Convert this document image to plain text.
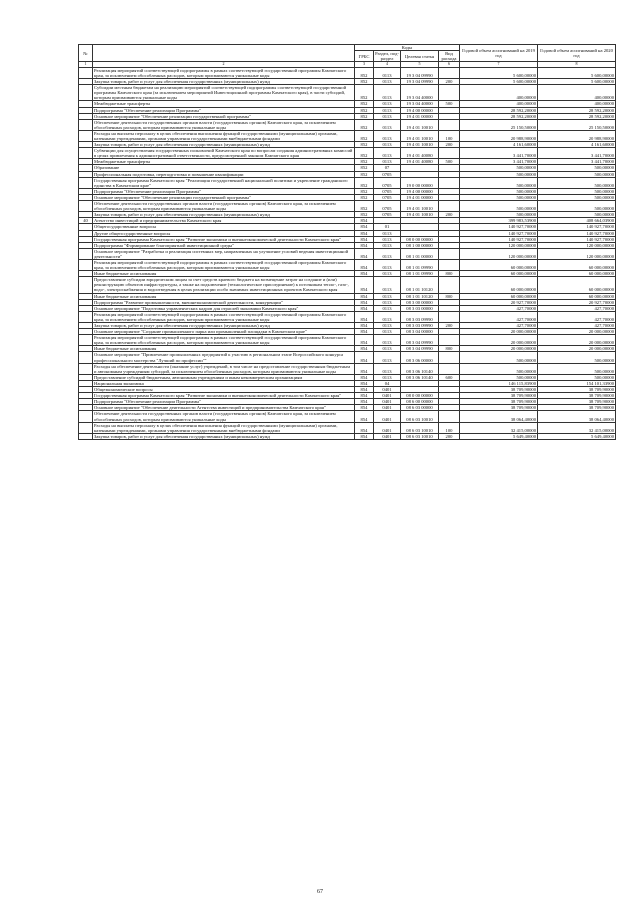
№		Коды				Годовой объем ассигнований на 2019 год	Годовой объем ассигнований на 2020 год
		ГРБС	Раздел, под-раздел	Целевая статья	Вид расхода		
1	2	3	4	5	6	7	8
	Реализация мероприятий соответствующей подпрограммы в рамках соответствующей государственной программы Камчатского края, за исключением обособленных расходов, которым присваиваются уникальные коды	852	0113	19 3 04 09990		5 600,00000	5 600,00000
	Закупка товаров, работ и услуг для обеспечения государственных (муниципальных) нужд	852	0113	19 3 04 09990	200	5 600,00000	5 600,00000
	Субсидии местным бюджетам на реализацию мероприятий соответствующей подпрограммы соответствующей государственной программы Камчатского края (за исключением мероприятий Инвестиционной программы Камчатского края), в части субсидий, которым присваиваются уникальные коды	852	0113	19 3 04 40000		400,00000	400,00000
	Межбюджетные трансферты	852	0113	19 3 04 40000	500	400,00000	400,00000
	Подпрограмма "Обеспечение реализации Программы"	852	0113	19 4 00 00000		28 592,20000	28 592,20000
	Основное мероприятие "Обеспечение реализации государственной программы"	852	0113	19 4 01 00000		28 592,20000	28 592,20000
	Обеспечение деятельности государственных органов власти (государственных органов) Камчатского края, за исключением обособленных расходов, которым присваиваются уникальные коды	852	0113	19 4 01 10010		25 150,50000	25 150,50000
	Расходы на выплаты персоналу в целях обеспечения выполнения функций государственными (муниципальными) органами, казенными учреждениями, органами управления государственными внебюджетными фондами	852	0113	19 4 01 10010	100	20 988,90000	20 988,90000
	Закупка товаров, работ и услуг для обеспечения государственных (муниципальных) нужд	852	0113	19 4 01 10010	200	4 161,60000	4 161,60000
	Субвенции для осуществления государственных полномочий Камчатского края по вопросам создания административных комиссий в целях привлечения к административной ответственности, предусмотренной законом Камчатского края	852	0113	19 4 01 40080		3 441,70000	3 441,70000
	Межбюджетные трансферты	852	0113	19 4 01 40080	500	3 441,70000	3 441,70000
	Образование	852	07			500,00000	500,00000
	Профессиональная подготовка, переподготовка и повышение квалификации	852	0705			500,00000	500,00000
	Государственная программа Камчатского края "Реализация государственной национальной политики и укрепление гражданского единства в Камчатском крае"	852	0705	19 0 00 00000		500,00000	500,00000
	Подпрограмма "Обеспечение реализации Программы"	852	0705	19 4 00 00000		500,00000	500,00000
	Основное мероприятие "Обеспечение реализации государственной программы"	852	0705	19 4 01 00000		500,00000	500,00000
	Обеспечение деятельности государственных органов власти (государственных органов) Камчатского края, за исключением обособленных расходов, которым присваиваются уникальные коды	852	0705	19 4 01 10010		500,00000	500,00000
	Закупка товаров, работ и услуг для обеспечения государственных (муниципальных) нужд	852	0705	19 4 01 10010	200	500,00000	500,00000
40	Агентство инвестиций и предпринимательства Камчатского края	854				399 983,53900	408 664,03900
	Общегосударственные вопросы	854	01			140 927,70000	140 927,70000
	Другие общегосударственные вопросы	854	0113			140 927,70000	140 927,70000
	Государственная программа Камчатского края "Развитие экономики и внешнеэкономической деятельности Камчатского края"	854	0113	08 0 00 00000		140 927,70000	140 927,70000
	Подпрограмма "Формирование благоприятной инвестиционной среды"	854	0113	08 1 00 00000		120 000,00000	120 000,00000
	Основное мероприятие "Разработка и реализация системных мер, направленных на улучшение условий ведения инвестиционной деятельности"	854	0113	08 1 01 00000		120 000,00000	120 000,00000
	Реализация мероприятий соответствующей подпрограммы в рамках соответствующей государственной программы Камчатского края, за исключением обособленных расходов, которым присваиваются уникальные коды	854	0113	08 1 01 09990		60 000,00000	60 000,00000
	Иные бюджетные ассигнования	854	0113	08 1 01 09990	800	60 000,00000	60 000,00000
	Предоставление субсидии юридическим лицам за счет средств краевого бюджета на возмещение затрат на создание и (или) реконструкцию объектов инфраструктуры, а также на подключение (технологическое присоединение) к источникам тепло-, газо-, водо-, электроснабжения и водоотведения в целях реализации особо значимых инвестиционных проектов Камчатского края	854	0113	08 1 01 10120		60 000,00000	60 000,00000
	Иные бюджетные ассигнования	854	0113	08 1 01 10120	800	60 000,00000	60 000,00000
	Подпрограмма "Развитие промышленности, внешнеэкономической деятельности, конкуренции"	854	0113	08 3 00 00000		20 927,70000	20 927,70000
	Основное мероприятие "Подготовка управленческих кадров для отраслей экономики Камчатского края"	854	0113	08 3 03 00000		427,70000	427,70000
	Реализация мероприятий соответствующей подпрограммы в рамках соответствующей государственной программы Камчатского края, за исключением обособленных расходов, которым присваиваются уникальные коды	854	0113	08 3 03 09990		427,70000	427,70000
	Закупка товаров, работ и услуг для обеспечения государственных (муниципальных) нужд	854	0113	08 3 03 09990	200	427,70000	427,70000
	Основное мероприятие "Создание промышленного парка или промышленной площадки в Камчатском крае"	854	0113	08 3 04 00000		20 000,00000	20 000,00000
	Реализация мероприятий соответствующей подпрограммы в рамках соответствующей государственной программы Камчатского края, за исключением обособленных расходов, которым присваиваются уникальные коды	854	0113	08 3 04 09990		20 000,00000	20 000,00000
	Иные бюджетные ассигнования	854	0113	08 3 04 09990	800	20 000,00000	20 000,00000
	Основное мероприятие "Привлечение промышленных предприятий к участию в региональном этапе Всероссийского конкурса профессионального мастерства "Лучший по профессии""	854	0113	08 3 06 00000		500,00000	500,00000
	Расходы на обеспечение деятельности (оказание услуг) учреждений, в том числе на предоставление государственным бюджетным и автономным учреждениям субсидий, за исключением обособленных расходов, которым присваиваются уникальные коды	854	0113	08 3 06 10140		500,00000	500,00000
	Предоставление субсидий бюджетным, автономным учреждениям и иным некоммерческим организациям	854	0113	08 3 06 10140	600	500,00000	500,00000
	Национальная экономика	854	04			146 115,83900	154 101,33900
	Общеэкономические вопросы	854	0401			38 709,90000	38 709,90000
	Государственная программа Камчатского края "Развитие экономики и внешнеэкономической деятельности Камчатского края"	854	0401	08 0 00 00000		38 709,90000	38 709,90000
	Подпрограмма "Обеспечение реализации Программы"	854	0401	08 6 00 00000		38 709,90000	38 709,90000
	Основное мероприятие "Обеспечение деятельности Агентства инвестиций и предпринимательства Камчатского края"	854	0401	08 6 03 00000		38 709,90000	38 709,90000
	Обеспечение деятельности государственных органов власти (государственных органов) Камчатского края, за исключением обособленных расходов, которым присваиваются уникальные коды	854	0401	08 6 03 10010		38 064,40000	38 064,40000
	Расходы на выплаты персоналу в целях обеспечения выполнения функций государственными (муниципальными) органами, казенными учреждениями, органами управления государственными внебюджетными фондами	854	0401	08 6 03 10010	100	32 415,00000	32 415,00000
	Закупка товаров, работ и услуг для обеспечения государственных (муниципальных) нужд	854	0401	08 6 03 10010	200	5 649,40000	5 649,40000
67
